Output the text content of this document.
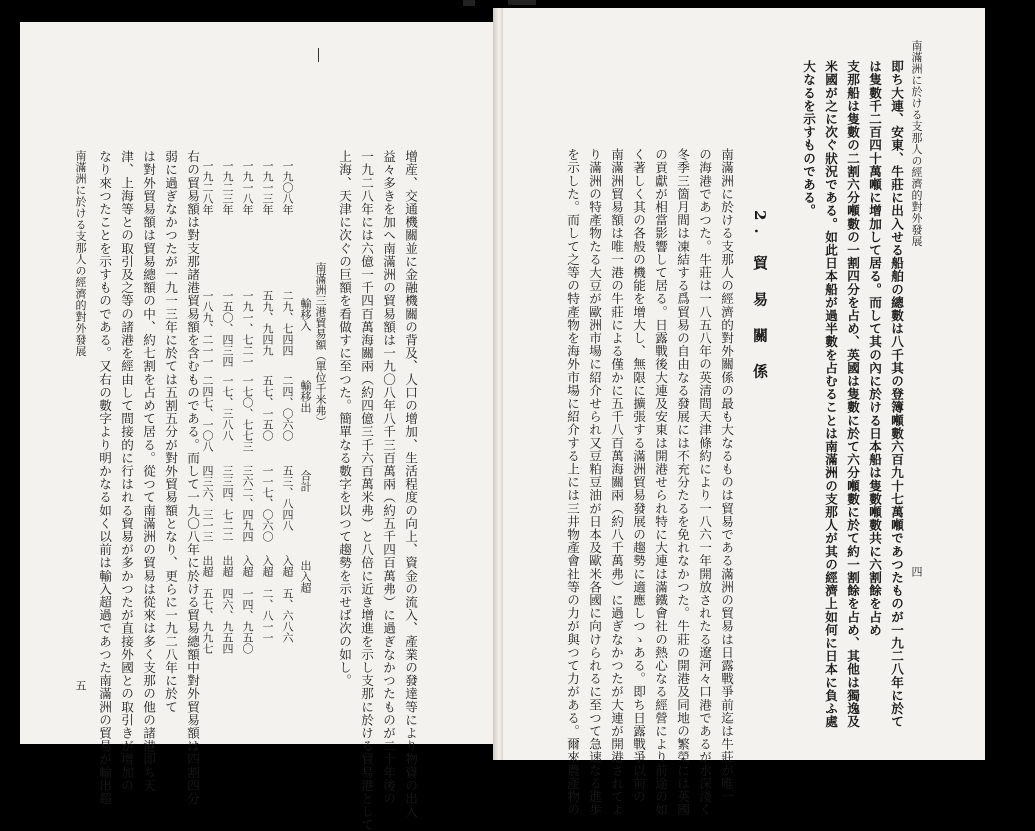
南滿洲に於ける支那人の經濟的對外發展
四
即ち大連、安東、牛莊に出入せる船舶の總數は八千其の登簿噸數六百九十七萬噸であつたものが一九二八年に於て
は隻數千二百四十萬噸に增加して居る。而して其の內に於ける日本船は隻數噸數共に六割餘を占め
支那船は隻數の二割六分噸數の一割四分を占め、英國は隻數に於て六分噸數に於て約一割餘を占め、其他は獨逸及
米國が之に次ぐ狀況である。如此日本船が過半數を占むることは南滿洲の支那人が其の經濟上如何に日本に負ふ處
大なるを示すものである。
2. 貿 易 關 係
南滿洲に於ける支那人の經濟的對外關係の最も大なるものは貿易である滿洲の貿易は日露戰爭前迄は牛莊が唯一
の海港であつた。牛莊は一八五八年の英清間天津條約により一八六一年開放されたる遼河々口港であるが水深淺く
冬季三箇月間は凍結する爲貿易の自由なる發展には不充分たるを免れなかつた。牛莊の開港及同地の繁榮には英國
の貢獻が相當影響して居る。日露戰後大連及安東は開港せられ特に大連は滿鐵會社の熱心なる經營により前途の如
く著しく其の各般の機能を增大し、無限に擴張する滿洲貿易發展の趨勢に適應しつゝある。即ち日露戰爭以前の
南滿洲貿易額は唯一港の牛莊による僅かに五千八百萬海關兩（約八千萬弗）に過ぎなかつたが大連が開港されてよ
り滿洲の特產物たる大豆が歐洲市場に紹介せられ又豆粕豆油が日本及歐米各國に向けられるに至つて急速なる進歩
を示した。而して之等の特產物を海外市場に紹介する上には三井物產會社等の力が與つて力がある。爾來農產物の
增産、交通機關並に金融機關の背及、人口の增加、生活程度の向上、資金の流入、產業の發達等により物資の出入
益々多きを加へ南滿洲の貿易額は一九〇八年八千三百萬兩（約五千四百萬弗）に過ぎなかつたものが二十年後の
一九二八年には六億一千四百萬海關兩（約四億三千六百萬米弗）と八倍に近き增進を示し支那に於ける貿易港として
上海、天津に次ぐの巨額を看做すに至つた。簡單なる數字を以つて趨勢を示せば次の如し。
南滿洲三港貿易額（單位千米弗）
輸移入
輸移出
合計
出入超
一九〇八年
二九、七四四
二四、〇六〇
五三、八四八
入超　五、六八六
一九一三年
五九、九四九
五七、一五〇
一一七、〇六〇
入超　二、八一一
一九一八年
一九一、七二一
一七〇、七七三
三六二、四九四
入超　一四、九五〇
一九二三年
一五〇、四三四
一七、三八八
三三四、七二二
出超　四六、九五四
一九二八年
一八九、二一一
二四七、一〇八
四三六、三一三
出超　五七、九九七
右の貿易額は對支那諸港貿易額を含むものである。而して一九〇八年に於ける貿易總額中對外貿易額は四割四分
弱に過ぎなかつたが一九一三年に於ては五割五分が對外貿易額となり、更らに一九二八年に於て
は對外貿易額は貿易總額の中、約七割を占めて居る。從つて南滿洲の貿易は從來は多く支那の他の諸港即ち天
津、上海等との取引及之等の諸港を經由して間接的に行はれる貿易が多かつたが直接外國との取引きが增加の
なり來つたことを示すものである。又右の數字より明かなる如く以前は輸入超過であつた南滿洲の貿易が輸出超
南滿洲に於ける支那人の經濟的對外發展
五
